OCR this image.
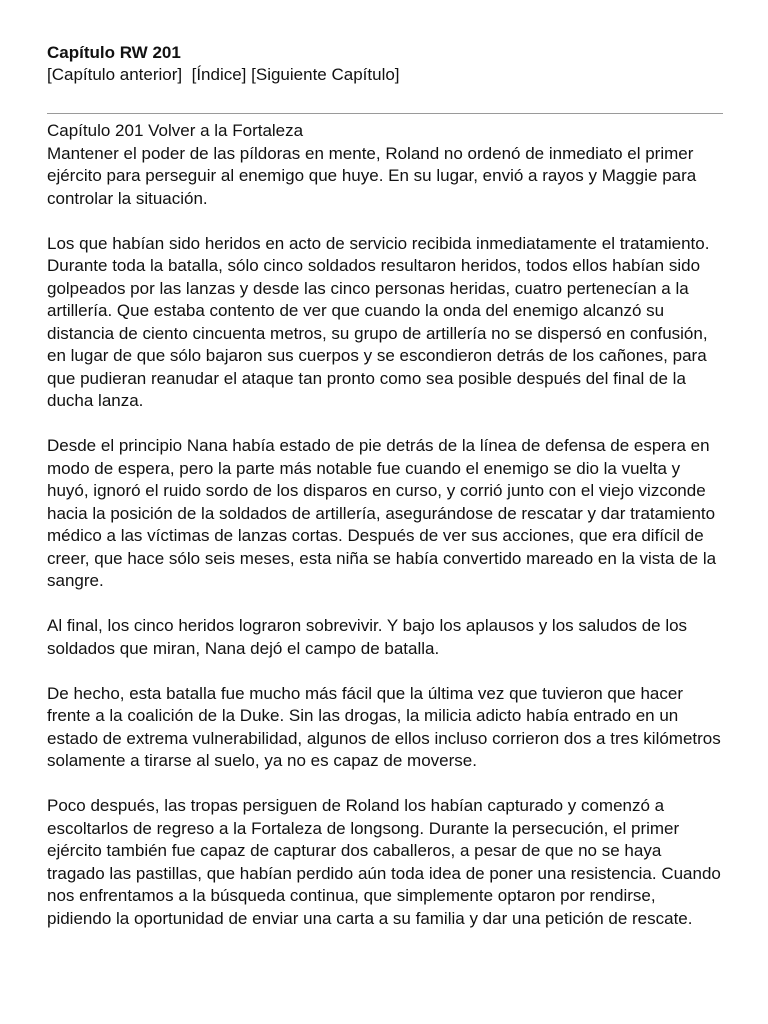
Capítulo RW 201
[Capítulo anterior] [Índice] [Siguiente Capítulo]
Capítulo 201 Volver a la Fortaleza

Mantener el poder de las píldoras en mente, Roland no ordenó de inmediato el primer ejército para perseguir al enemigo que huye. En su lugar, envió a rayos y Maggie para controlar la situación.

Los que habían sido heridos en acto de servicio recibida inmediatamente el tratamiento. Durante toda la batalla, sólo cinco soldados resultaron heridos, todos ellos habían sido golpeados por las lanzas y desde las cinco personas heridas, cuatro pertenecían a la artillería. Que estaba contento de ver que cuando la onda del enemigo alcanzó su distancia de ciento cincuenta metros, su grupo de artillería no se dispersó en confusión, en lugar de que sólo bajaron sus cuerpos y se escondieron detrás de los cañones, para que pudieran reanudar el ataque tan pronto como sea posible después del final de la ducha lanza.

Desde el principio Nana había estado de pie detrás de la línea de defensa de espera en modo de espera, pero la parte más notable fue cuando el enemigo se dio la vuelta y huyó, ignoró el ruido sordo de los disparos en curso, y corrió junto con el viejo vizconde hacia la posición de la soldados de artillería, asegurándose de rescatar y dar tratamiento médico a las víctimas de lanzas cortas. Después de ver sus acciones, que era difícil de creer, que hace sólo seis meses, esta niña se había convertido mareado en la vista de la sangre.

Al final, los cinco heridos lograron sobrevivir. Y bajo los aplausos y los saludos de los soldados que miran, Nana dejó el campo de batalla.

De hecho, esta batalla fue mucho más fácil que la última vez que tuvieron que hacer frente a la coalición de la Duke. Sin las drogas, la milicia adicto había entrado en un estado de extrema vulnerabilidad, algunos de ellos incluso corrieron dos a tres kilómetros solamente a tirarse al suelo, ya no es capaz de moverse.

Poco después, las tropas persiguen de Roland los habían capturado y comenzó a escoltarlos de regreso a la Fortaleza de longsong. Durante la persecución, el primer ejército también fue capaz de capturar dos caballeros, a pesar de que no se haya tragado las pastillas, que habían perdido aún toda idea de poner una resistencia. Cuando nos enfrentamos a la búsqueda continua, que simplemente optaron por rendirse, pidiendo la oportunidad de enviar una carta a su familia y dar una petición de rescate.
